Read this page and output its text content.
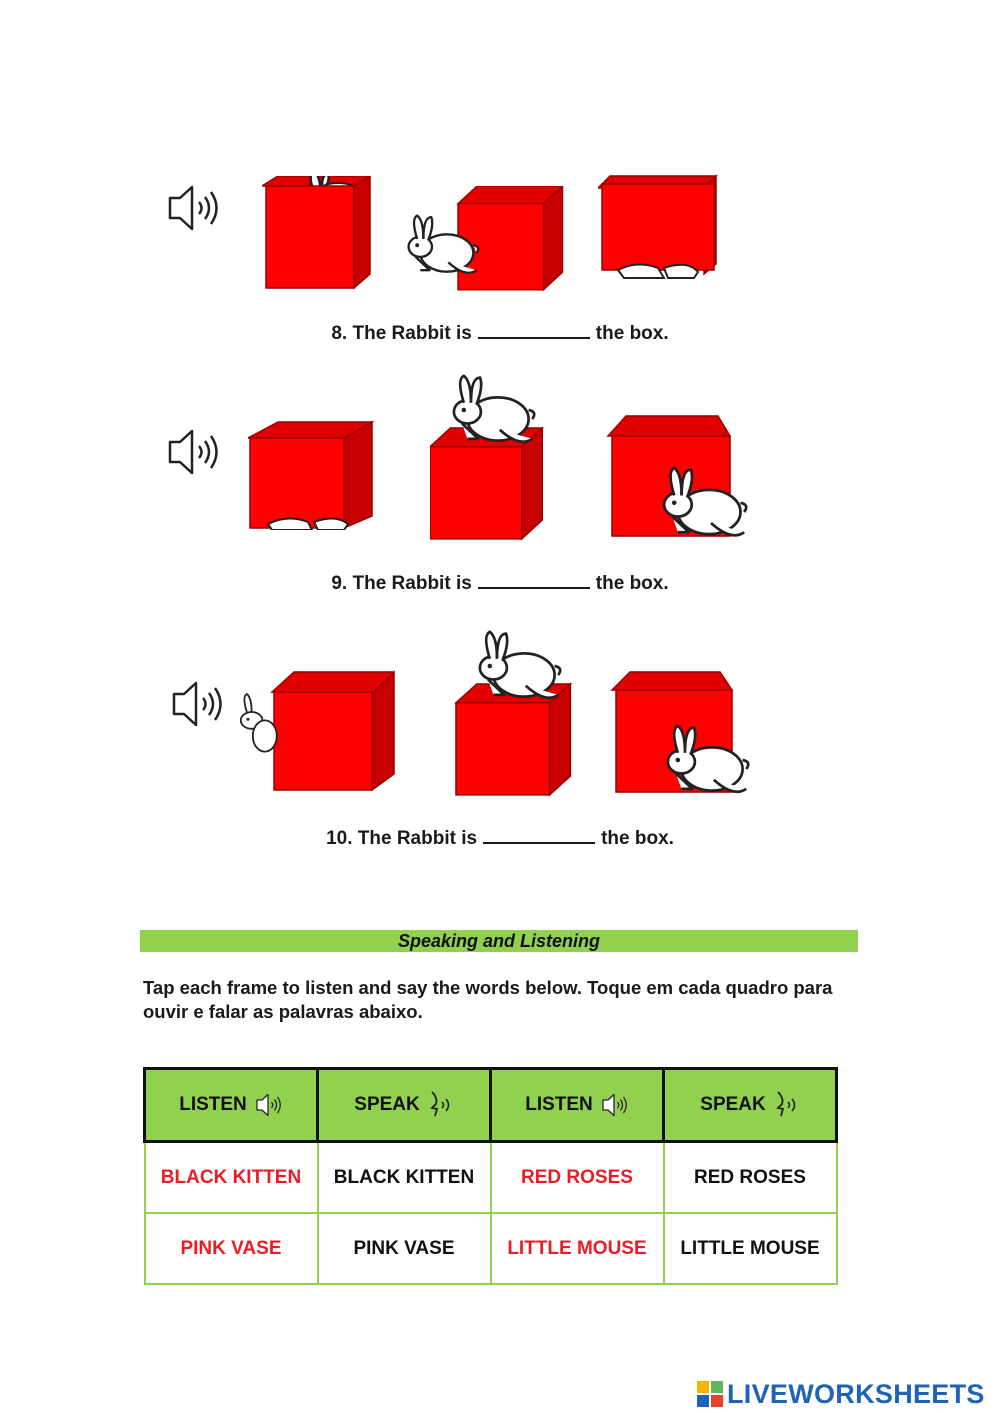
8. The Rabbit is	the box.
9. The Rabbit is	the box.
10. The Rabbit is	the box.
Speaking and Listening
Tap each frame to listen and say the words below. Toque em cada quadro para ouvir e falar as palavras abaixo.
LISTEN	SPEAK	LISTEN	SPEAK

BLACK KITTEN	BLACK KITTEN	RED ROSES	RED ROSES
PINK VASE	PINK VASE	LITTLE MOUSE	LITTLE MOUSE
LIVEWORKSHEETS
